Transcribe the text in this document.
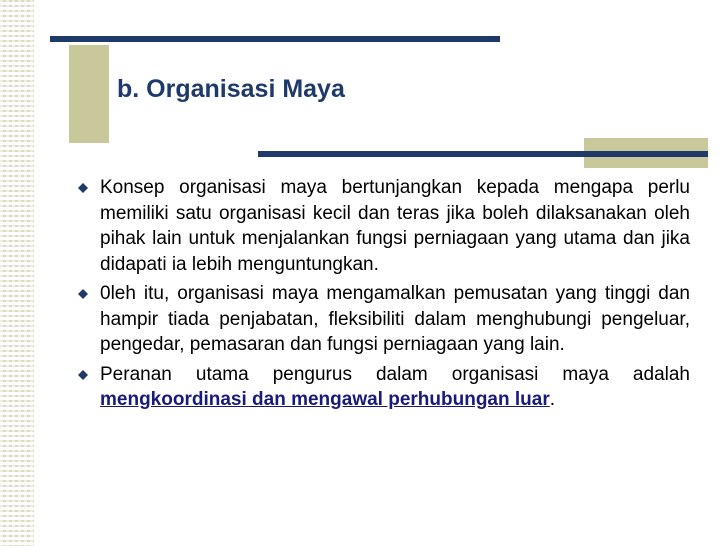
b. Organisasi Maya
Konsep organisasi maya bertunjangkan kepada mengapa perlu memiliki satu organisasi kecil dan teras jika boleh dilaksanakan oleh pihak lain untuk menjalankan fungsi perniagaan yang utama dan jika didapati ia lebih menguntungkan.
0leh itu, organisasi maya mengamalkan pemusatan yang tinggi dan hampir tiada penjabatan, fleksibiliti dalam menghubungi pengeluar, pengedar, pemasaran dan fungsi perniagaan yang lain.
Peranan utama pengurus dalam organisasi maya adalah mengkoordinasi dan mengawal perhubungan luar.
